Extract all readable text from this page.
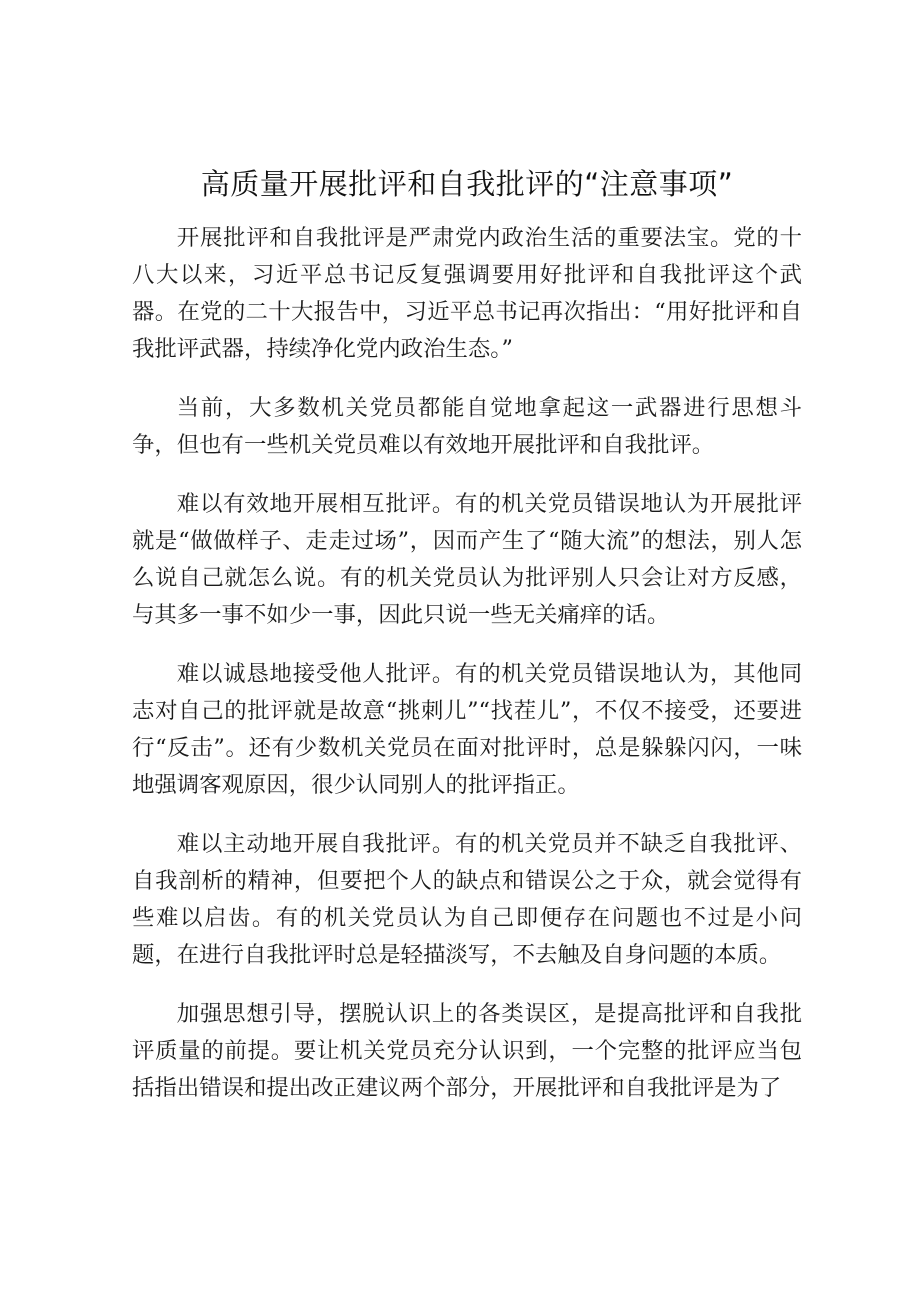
高质量开展批评和自我批评的“注意事项”

开展批评和自我批评是严肃党内政治生活的重要法宝。党的十八大以来，习近平总书记反复强调要用好批评和自我批评这个武器。在党的二十大报告中，习近平总书记再次指出：“用好批评和自我批评武器，持续净化党内政治生态。”

当前，大多数机关党员都能自觉地拿起这一武器进行思想斗争，但也有一些机关党员难以有效地开展批评和自我批评。

难以有效地开展相互批评。有的机关党员错误地认为开展批评就是“做做样子、走走过场”，因而产生了“随大流”的想法，别人怎么说自己就怎么说。有的机关党员认为批评别人只会让对方反感，与其多一事不如少一事，因此只说一些无关痛痒的话。

难以诚恳地接受他人批评。有的机关党员错误地认为，其他同志对自己的批评就是故意“挑刺儿”“找茬儿”，不仅不接受，还要进行“反击”。还有少数机关党员在面对批评时，总是躲躲闪闪，一味地强调客观原因，很少认同别人的批评指正。

难以主动地开展自我批评。有的机关党员并不缺乏自我批评、自我剖析的精神，但要把个人的缺点和错误公之于众，就会觉得有些难以启齿。有的机关党员认为自己即便存在问题也不过是小问题，在进行自我批评时总是轻描淡写，不去触及自身问题的本质。

加强思想引导，摆脱认识上的各类误区，是提高批评和自我批评质量的前提。要让机关党员充分认识到，一个完整的批评应当包括指出错误和提出改正建议两个部分，开展批评和自我批评是为了
